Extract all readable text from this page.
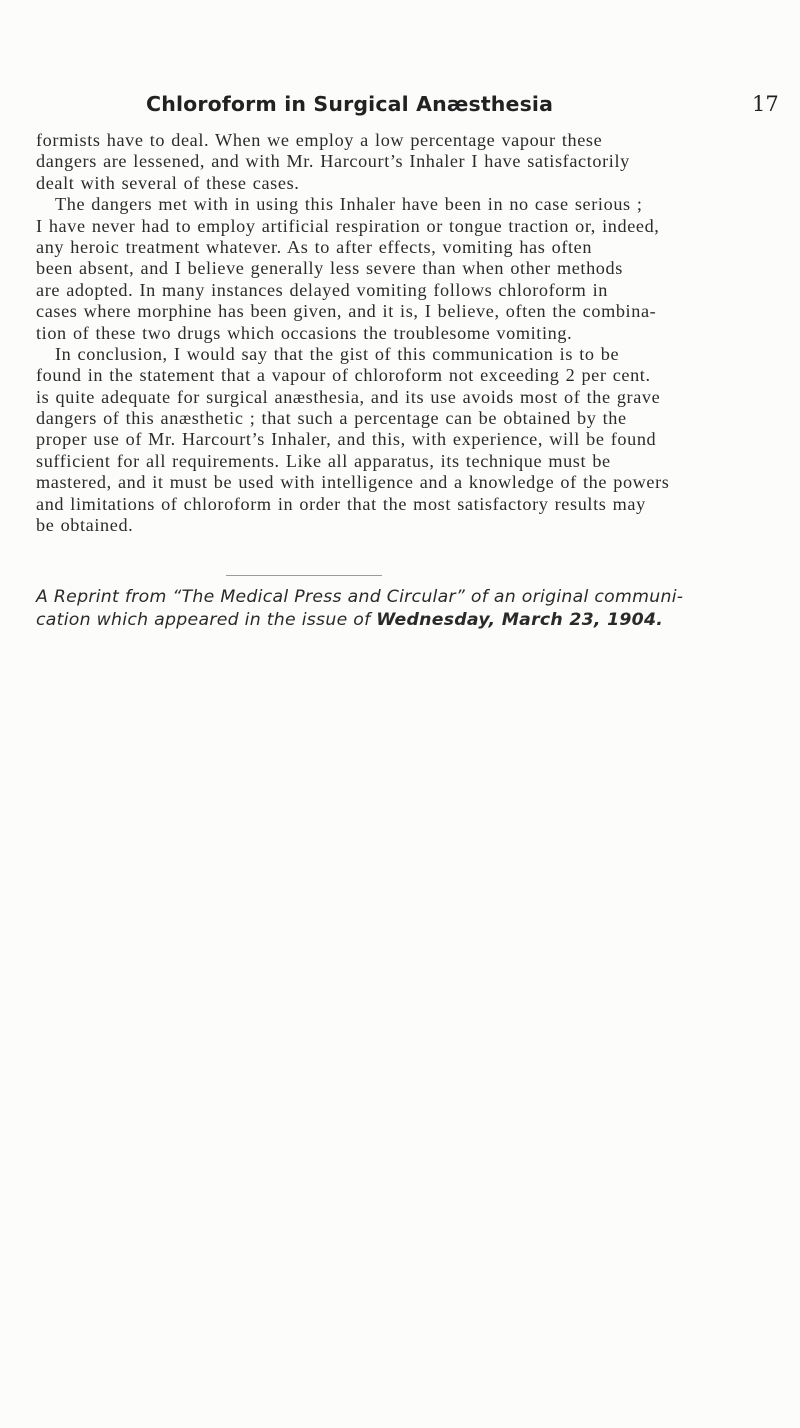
Chloroform in Surgical Anæsthesia	17
formists have to deal. When we employ a low percentage vapour these
dangers are lessened, and with Mr. Harcourt’s Inhaler I have satisfactorily
dealt with several of these cases.
The dangers met with in using this Inhaler have been in no case serious ;
I have never had to employ artificial respiration or tongue traction or, indeed,
any heroic treatment whatever. As to after effects, vomiting has often
been absent, and I believe generally less severe than when other methods
are adopted. In many instances delayed vomiting follows chloroform in
cases where morphine has been given, and it is, I believe, often the combina-
tion of these two drugs which occasions the troublesome vomiting.
In conclusion, I would say that the gist of this communication is to be
found in the statement that a vapour of chloroform not exceeding 2 per cent.
is quite adequate for surgical anæsthesia, and its use avoids most of the grave
dangers of this anæsthetic ; that such a percentage can be obtained by the
proper use of Mr. Harcourt’s Inhaler, and this, with experience, will be found
sufficient for all requirements. Like all apparatus, its technique must be
mastered, and it must be used with intelligence and a knowledge of the powers
and limitations of chloroform in order that the most satisfactory results may
be obtained.
A Reprint from “The Medical Press and Circular” of an original communi-
cation which appeared in the issue of Wednesday, March 23, 1904.
